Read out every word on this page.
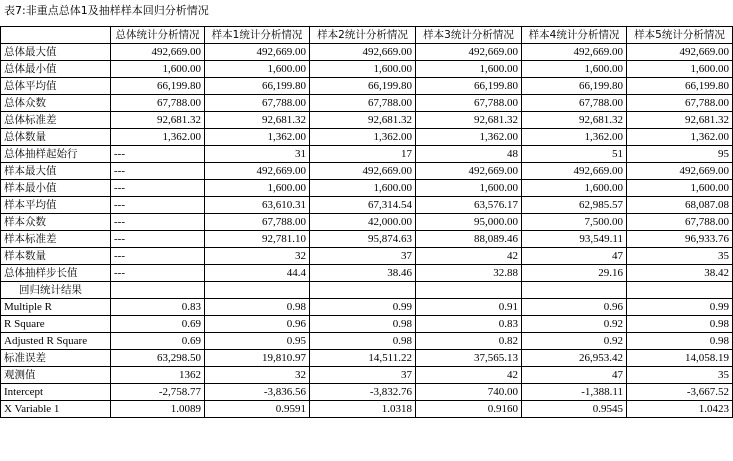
表7:非重点总体1及抽样样本回归分析情况
	总体统计分析情况	样本1统计分析情况	样本2统计分析情况	样本3统计分析情况	样本4统计分析情况	样本5统计分析情况
总体最大值	492,669.00	492,669.00	492,669.00	492,669.00	492,669.00	492,669.00
总体最小值	1,600.00	1,600.00	1,600.00	1,600.00	1,600.00	1,600.00
总体平均值	66,199.80	66,199.80	66,199.80	66,199.80	66,199.80	66,199.80
总体众数	67,788.00	67,788.00	67,788.00	67,788.00	67,788.00	67,788.00
总体标准差	92,681.32	92,681.32	92,681.32	92,681.32	92,681.32	92,681.32
总体数量	1,362.00	1,362.00	1,362.00	1,362.00	1,362.00	1,362.00
总体抽样起始行	---	31	17	48	51	95
样本最大值	---	492,669.00	492,669.00	492,669.00	492,669.00	492,669.00
样本最小值	---	1,600.00	1,600.00	1,600.00	1,600.00	1,600.00
样本平均值	---	63,610.31	67,314.54	63,576.17	62,985.57	68,087.08
样本众数	---	67,788.00	42,000.00	95,000.00	7,500.00	67,788.00
样本标准差	---	92,781.10	95,874.63	88,089.46	93,549.11	96,933.76
样本数量	---	32	37	42	47	35
总体抽样步长值	---	44.4	38.46	32.88	29.16	38.42
回归统计结果						
Multiple R	0.83	0.98	0.99	0.91	0.96	0.99
R Square	0.69	0.96	0.98	0.83	0.92	0.98
Adjusted R Square	0.69	0.95	0.98	0.82	0.92	0.98
标准误差	63,298.50	19,810.97	14,511.22	37,565.13	26,953.42	14,058.19
观测值	1362	32	37	42	47	35
Intercept	-2,758.77	-3,836.56	-3,832.76	740.00	-1,388.11	-3,667.52
X Variable 1	1.0089	0.9591	1.0318	0.9160	0.9545	1.0423
